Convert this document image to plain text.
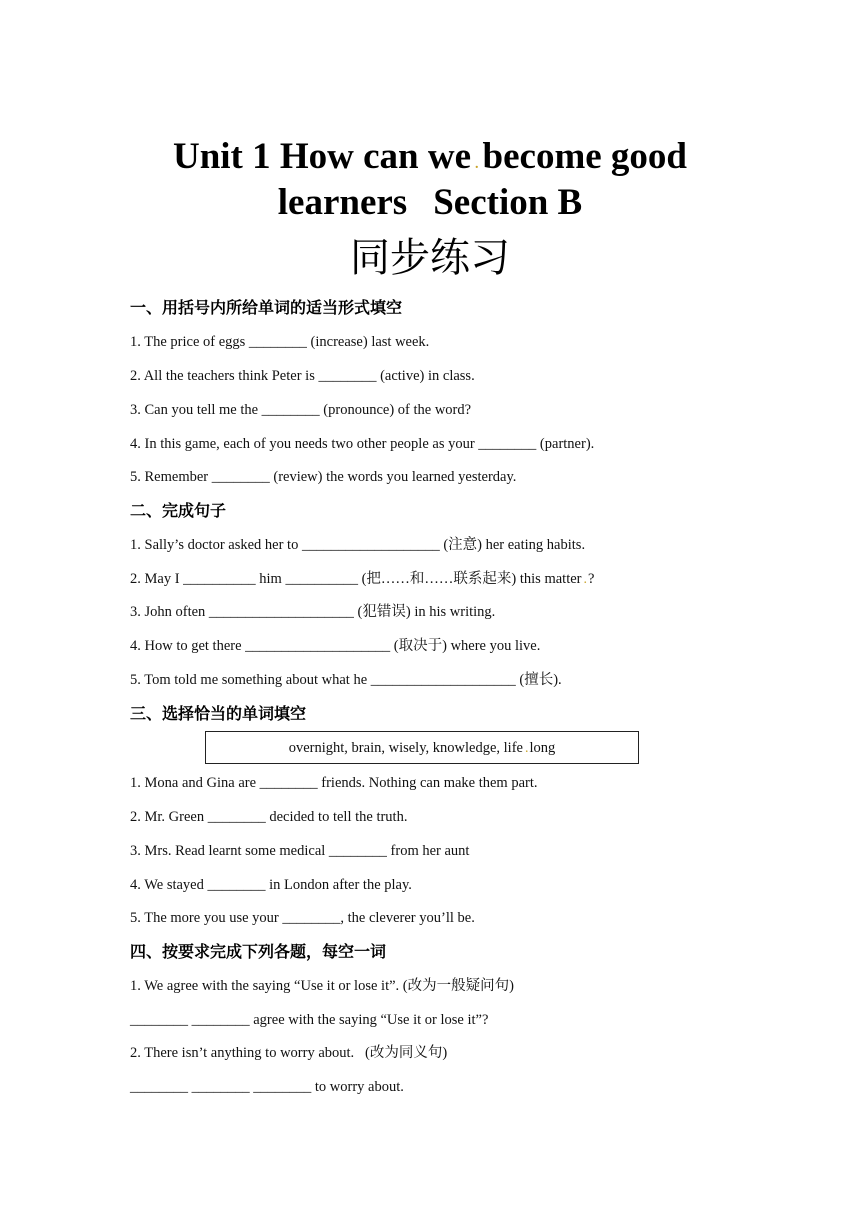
Unit 1 How can we . become good
learners Section B
同步练习
一、用括号内所给单词的适当形式填空
1. The price of eggs ________ (increase) last week.
2. All the teachers think Peter is ________ (active) in class.
3. Can you tell me the ________ (pronounce) of the word?
4. In this game, each of you needs two other people as your ________ (partner).
5. Remember ________ (review) the words you learned yesterday.
二、完成句子
1. Sally’s doctor asked her to ___________________ (注意) her eating habits.
2. May I __________ him __________ (把……和……联系起来) this matter .?
3. John often ____________________ (犯错误) in his writing.
4. How to get there ____________________ (取决于) where you live.
5. Tom told me something about what he ____________________ (擅长).
三、选择恰当的单词填空
overnight, brain, wisely, knowledge, life .long
1. Mona and Gina are ________ friends. Nothing can make them part.
2. Mr. Green ________ decided to tell the truth.
3. Mrs. Read learnt some medical ________ from her aunt
4. We stayed ________ in London after the play.
5. The more you use your ________, the cleverer you’ll be.
四、按要求完成下列各题，每空一词
1. We agree with the saying “Use it or lose it”. (改为一般疑问句)
________ ________ agree with the saying “Use it or lose it”?
2. There isn’t anything to worry about.   (改为同义句)
________ ________ ________ to worry about.
